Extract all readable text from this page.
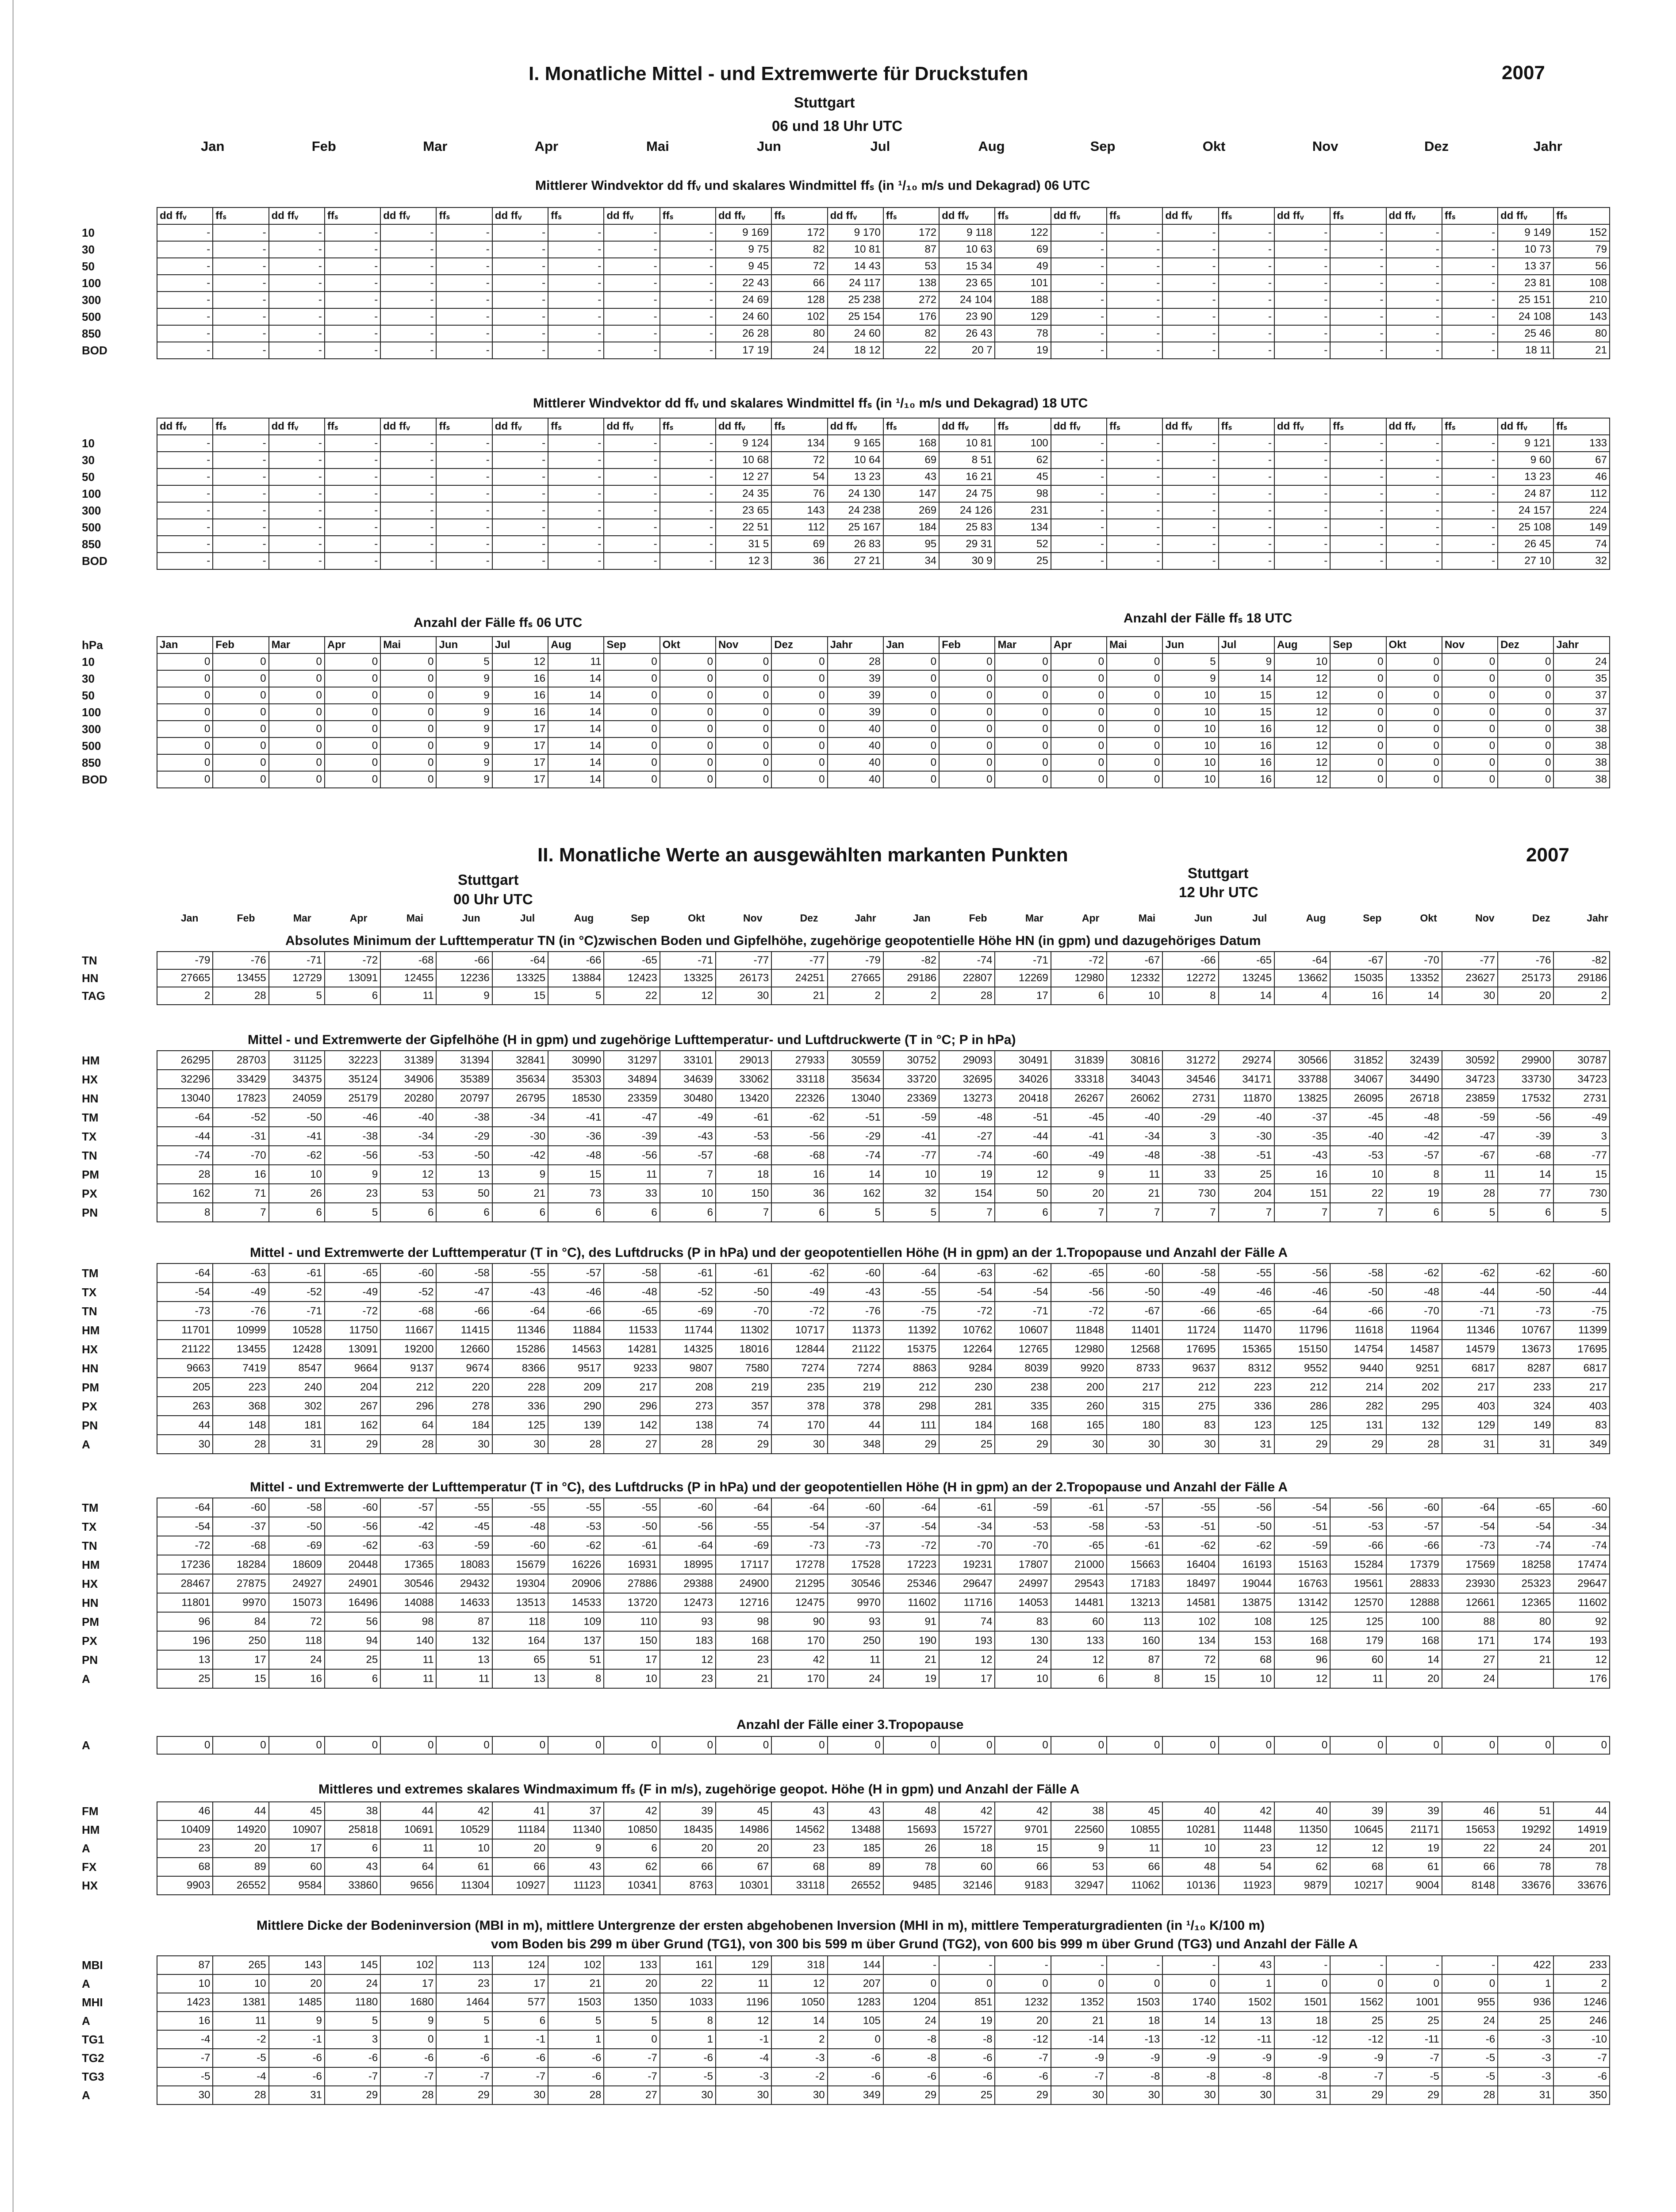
I. Monatliche Mittel - und Extremwerte für Druckstufen	2007
Stuttgart
06 und 18 Uhr UTC
Jan	Feb	Mar	Apr	Mai	Jun	Jul	Aug	Sep	Okt	Nov	Dez	Jahr
Mittlerer Windvektor dd ffᵥ und skalares Windmittel ffₛ (in ¹/₁₀ m/s und Dekagrad) 06 UTC
	dd ffᵥ	ffₛ	dd ffᵥ	ffₛ	dd ffᵥ	ffₛ	dd ffᵥ	ffₛ	dd ffᵥ	ffₛ	dd ffᵥ	ffₛ	dd ffᵥ	ffₛ	dd ffᵥ	ffₛ	dd ffᵥ	ffₛ	dd ffᵥ	ffₛ	dd ffᵥ	ffₛ	dd ffᵥ	ffₛ	dd ffᵥ	ffₛ
10	-	-	-	-	-	-	-	-	-	-	9 169	172	9 170	172	9 118	122	-	-	-	-	-	-	-	-	9 149	152
30	-	-	-	-	-	-	-	-	-	-	9 75	82	10 81	87	10 63	69	-	-	-	-	-	-	-	-	10 73	79
50	-	-	-	-	-	-	-	-	-	-	9 45	72	14 43	53	15 34	49	-	-	-	-	-	-	-	-	13 37	56
100	-	-	-	-	-	-	-	-	-	-	22 43	66	24 117	138	23 65	101	-	-	-	-	-	-	-	-	23 81	108
300	-	-	-	-	-	-	-	-	-	-	24 69	128	25 238	272	24 104	188	-	-	-	-	-	-	-	-	25 151	210
500	-	-	-	-	-	-	-	-	-	-	24 60	102	25 154	176	23 90	129	-	-	-	-	-	-	-	-	24 108	143
850	-	-	-	-	-	-	-	-	-	-	26 28	80	24 60	82	26 43	78	-	-	-	-	-	-	-	-	25 46	80
BOD	-	-	-	-	-	-	-	-	-	-	17 19	24	18 12	22	20 7	19	-	-	-	-	-	-	-	-	18 11	21
Mittlerer Windvektor dd ffᵥ und skalares Windmittel ffₛ (in ¹/₁₀ m/s und Dekagrad) 18 UTC
	dd ffᵥ	ffₛ	dd ffᵥ	ffₛ	dd ffᵥ	ffₛ	dd ffᵥ	ffₛ	dd ffᵥ	ffₛ	dd ffᵥ	ffₛ	dd ffᵥ	ffₛ	dd ffᵥ	ffₛ	dd ffᵥ	ffₛ	dd ffᵥ	ffₛ	dd ffᵥ	ffₛ	dd ffᵥ	ffₛ	dd ffᵥ	ffₛ
10	-	-	-	-	-	-	-	-	-	-	9 124	134	9 165	168	10 81	100	-	-	-	-	-	-	-	-	9 121	133
30	-	-	-	-	-	-	-	-	-	-	10 68	72	10 64	69	8 51	62	-	-	-	-	-	-	-	-	9 60	67
50	-	-	-	-	-	-	-	-	-	-	12 27	54	13 23	43	16 21	45	-	-	-	-	-	-	-	-	13 23	46
100	-	-	-	-	-	-	-	-	-	-	24 35	76	24 130	147	24 75	98	-	-	-	-	-	-	-	-	24 87	112
300	-	-	-	-	-	-	-	-	-	-	23 65	143	24 238	269	24 126	231	-	-	-	-	-	-	-	-	24 157	224
500	-	-	-	-	-	-	-	-	-	-	22 51	112	25 167	184	25 83	134	-	-	-	-	-	-	-	-	25 108	149
850	-	-	-	-	-	-	-	-	-	-	31 5	69	26 83	95	29 31	52	-	-	-	-	-	-	-	-	26 45	74
BOD	-	-	-	-	-	-	-	-	-	-	12 3	36	27 21	34	30 9	25	-	-	-	-	-	-	-	-	27 10	32
Anzahl der Fälle ffₛ 06 UTC	Anzahl der Fälle ffₛ 18 UTC
hPa	Jan	Feb	Mar	Apr	Mai	Jun	Jul	Aug	Sep	Okt	Nov	Dez	Jahr	Jan	Feb	Mar	Apr	Mai	Jun	Jul	Aug	Sep	Okt	Nov	Dez	Jahr
10	0	0	0	0	0	5	12	11	0	0	0	0	28	0	0	0	0	0	5	9	10	0	0	0	0	24
30	0	0	0	0	0	9	16	14	0	0	0	0	39	0	0	0	0	0	9	14	12	0	0	0	0	35
50	0	0	0	0	0	9	16	14	0	0	0	0	39	0	0	0	0	0	10	15	12	0	0	0	0	37
100	0	0	0	0	0	9	16	14	0	0	0	0	39	0	0	0	0	0	10	15	12	0	0	0	0	37
300	0	0	0	0	0	9	17	14	0	0	0	0	40	0	0	0	0	0	10	16	12	0	0	0	0	38
500	0	0	0	0	0	9	17	14	0	0	0	0	40	0	0	0	0	0	10	16	12	0	0	0	0	38
850	0	0	0	0	0	9	17	14	0	0	0	0	40	0	0	0	0	0	10	16	12	0	0	0	0	38
BOD	0	0	0	0	0	9	17	14	0	0	0	0	40	0	0	0	0	0	10	16	12	0	0	0	0	38
II. Monatliche Werte an ausgewählten markanten Punkten	2007
Stuttgart
00 Uhr UTC
Stuttgart
12 Uhr UTC
Jan	Feb	Mar	Apr	Mai	Jun	Jul	Aug	Sep	Okt	Nov	Dez	Jahr	Jan	Feb	Mar	Apr	Mai	Jun	Jul	Aug	Sep	Okt	Nov	Dez	Jahr
Absolutes Minimum der Lufttemperatur TN (in °C)zwischen Boden und Gipfelhöhe, zugehörige geopotentielle Höhe HN (in gpm) und dazugehöriges Datum
TN	-79	-76	-71	-72	-68	-66	-64	-66	-65	-71	-77	-77	-79	-82	-74	-71	-72	-67	-66	-65	-64	-67	-70	-77	-76	-82
HN	27665	13455	12729	13091	12455	12236	13325	13884	12423	13325	26173	24251	27665	29186	22807	12269	12980	12332	12272	13245	13662	15035	13352	23627	25173	29186
TAG	2	28	5	6	11	9	15	5	22	12	30	21	2	2	28	17	6	10	8	14	4	16	14	30	20	2
Mittel - und Extremwerte der Gipfelhöhe (H in gpm) und zugehörige Lufttemperatur- und Luftdruckwerte (T in °C; P in hPa)
HM	26295	28703	31125	32223	31389	31394	32841	30990	31297	33101	29013	27933	30559	30752	29093	30491	31839	30816	31272	29274	30566	31852	32439	30592	29900	30787
HX	32296	33429	34375	35124	34906	35389	35634	35303	34894	34639	33062	33118	35634	33720	32695	34026	33318	34043	34546	34171	33788	34067	34490	34723	33730	34723
HN	13040	17823	24059	25179	20280	20797	26795	18530	23359	30480	13420	22326	13040	23369	13273	20418	26267	26062	2731	11870	13825	26095	26718	23859	17532	2731
TM	-64	-52	-50	-46	-40	-38	-34	-41	-47	-49	-61	-62	-51	-59	-48	-51	-45	-40	-29	-40	-37	-45	-48	-59	-56	-49
TX	-44	-31	-41	-38	-34	-29	-30	-36	-39	-43	-53	-56	-29	-41	-27	-44	-41	-34	3	-30	-35	-40	-42	-47	-39	3
TN	-74	-70	-62	-56	-53	-50	-42	-48	-56	-57	-68	-68	-74	-77	-74	-60	-49	-48	-38	-51	-43	-53	-57	-67	-68	-77
PM	28	16	10	9	12	13	9	15	11	7	18	16	14	10	19	12	9	11	33	25	16	10	8	11	14	15
PX	162	71	26	23	53	50	21	73	33	10	150	36	162	32	154	50	20	21	730	204	151	22	19	28	77	730
PN	8	7	6	5	6	6	6	6	6	6	7	6	5	5	7	6	7	7	7	7	7	7	6	5	6	5
Mittel - und Extremwerte der Lufttemperatur (T in °C), des Luftdrucks (P in hPa) und der geopotentiellen Höhe (H in gpm) an der 1.Tropopause und Anzahl der Fälle A
TM	-64	-63	-61	-65	-60	-58	-55	-57	-58	-61	-61	-62	-60	-64	-63	-62	-65	-60	-58	-55	-56	-58	-62	-62	-62	-60
TX	-54	-49	-52	-49	-52	-47	-43	-46	-48	-52	-50	-49	-43	-55	-54	-54	-56	-50	-49	-46	-46	-50	-48	-44	-50	-44
TN	-73	-76	-71	-72	-68	-66	-64	-66	-65	-69	-70	-72	-76	-75	-72	-71	-72	-67	-66	-65	-64	-66	-70	-71	-73	-75
HM	11701	10999	10528	11750	11667	11415	11346	11884	11533	11744	11302	10717	11373	11392	10762	10607	11848	11401	11724	11470	11796	11618	11964	11346	10767	11399
HX	21122	13455	12428	13091	19200	12660	15286	14563	14281	14325	18016	12844	21122	15375	12264	12765	12980	12568	17695	15365	15150	14754	14587	14579	13673	17695
HN	9663	7419	8547	9664	9137	9674	8366	9517	9233	9807	7580	7274	7274	8863	9284	8039	9920	8733	9637	8312	9552	9440	9251	6817	8287	6817
PM	205	223	240	204	212	220	228	209	217	208	219	235	219	212	230	238	200	217	212	223	212	214	202	217	233	217
PX	263	368	302	267	296	278	336	290	296	273	357	378	378	298	281	335	260	315	275	336	286	282	295	403	324	403
PN	44	148	181	162	64	184	125	139	142	138	74	170	44	111	184	168	165	180	83	123	125	131	132	129	149	83
A	30	28	31	29	28	30	30	28	27	28	29	30	348	29	25	29	30	30	30	31	29	29	28	31	31	349
Mittel - und Extremwerte der Lufttemperatur (T in °C), des Luftdrucks (P in hPa) und der geopotentiellen Höhe (H in gpm) an der 2.Tropopause und Anzahl der Fälle A
TM	-64	-60	-58	-60	-57	-55	-55	-55	-55	-60	-64	-64	-60	-64	-61	-59	-61	-57	-55	-56	-54	-56	-60	-64	-65	-60
TX	-54	-37	-50	-56	-42	-45	-48	-53	-50	-56	-55	-54	-37	-54	-34	-53	-58	-53	-51	-50	-51	-53	-57	-54	-54	-34
TN	-72	-68	-69	-62	-63	-59	-60	-62	-61	-64	-69	-73	-73	-72	-70	-70	-65	-61	-62	-62	-59	-66	-66	-73	-74	-74
HM	17236	18284	18609	20448	17365	18083	15679	16226	16931	18995	17117	17278	17528	17223	19231	17807	21000	15663	16404	16193	15163	15284	17379	17569	18258	17474
HX	28467	27875	24927	24901	30546	29432	19304	20906	27886	29388	24900	21295	30546	25346	29647	24997	29543	17183	18497	19044	16763	19561	28833	23930	25323	29647
HN	11801	9970	15073	16496	14088	14633	13513	14533	13720	12473	12716	12475	9970	11602	11716	14053	14481	13213	14581	13875	13142	12570	12888	12661	12365	11602
PM	96	84	72	56	98	87	118	109	110	93	98	90	93	91	74	83	60	113	102	108	125	125	100	88	80	92
PX	196	250	118	94	140	132	164	137	150	183	168	170	250	190	193	130	133	160	134	153	168	179	168	171	174	193
PN	13	17	24	25	11	13	65	51	17	12	23	42	11	21	12	24	12	87	72	68	96	60	14	27	21	12
A	25	15	16	6	11	11	13	8	10	23	21	170	24	19	17	10	6	8	15	10	12	11	20	24		176
Anzahl der Fälle einer 3.Tropopause
A	0	0	0	0	0	0	0	0	0	0	0	0	0	0	0	0	0	0	0	0	0	0	0	0	0	0
Mittleres und extremes skalares Windmaximum ffₛ (F in m/s), zugehörige geopot. Höhe (H in gpm) und Anzahl der Fälle A
FM	46	44	45	38	44	42	41	37	42	39	45	43	43	48	42	42	38	45	40	42	40	39	39	46	51	44
HM	10409	14920	10907	25818	10691	10529	11184	11340	10850	18435	14986	14562	13488	15693	15727	9701	22560	10855	10281	11448	11350	10645	21171	15653	19292	14919
A	23	20	17	6	11	10	20	9	6	20	20	23	185	26	18	15	9	11	10	23	12	12	19	22	24	201
FX	68	89	60	43	64	61	66	43	62	66	67	68	89	78	60	66	53	66	48	54	62	68	61	66	78	78
HX	9903	26552	9584	33860	9656	11304	10927	11123	10341	8763	10301	33118	26552	9485	32146	9183	32947	11062	10136	11923	9879	10217	9004	8148	33676	33676
Mittlere Dicke der Bodeninversion (MBI in m), mittlere Untergrenze der ersten abgehobenen Inversion (MHI in m), mittlere Temperaturgradienten (in ¹/₁₀ K/100 m)
vom Boden bis 299 m über Grund (TG1), von 300 bis 599 m über Grund (TG2), von 600 bis 999 m über Grund (TG3) und Anzahl der Fälle A
MBI	87	265	143	145	102	113	124	102	133	161	129	318	144	-	-	-	-	-	-	43	-	-	-	-	422	233
A	10	10	20	24	17	23	17	21	20	22	11	12	207	0	0	0	0	0	0	1	0	0	0	0	1	2
MHI	1423	1381	1485	1180	1680	1464	577	1503	1350	1033	1196	1050	1283	1204	851	1232	1352	1503	1740	1502	1501	1562	1001	955	936	1246
A	16	11	9	5	9	5	6	5	5	8	12	14	105	24	19	20	21	18	14	13	18	25	25	24	25	246
TG1	-4	-2	-1	3	0	1	-1	1	0	1	-1	2	0	-8	-8	-12	-14	-13	-12	-11	-12	-12	-11	-6	-3	-10
TG2	-7	-5	-6	-6	-6	-6	-6	-6	-7	-6	-4	-3	-6	-8	-6	-7	-9	-9	-9	-9	-9	-9	-7	-5	-3	-7
TG3	-5	-4	-6	-7	-7	-7	-7	-6	-7	-5	-3	-2	-6	-6	-6	-6	-7	-8	-8	-8	-8	-7	-5	-5	-3	-6
A	30	28	31	29	28	29	30	28	27	30	30	30	349	29	25	29	30	30	30	30	31	29	29	28	31	350
